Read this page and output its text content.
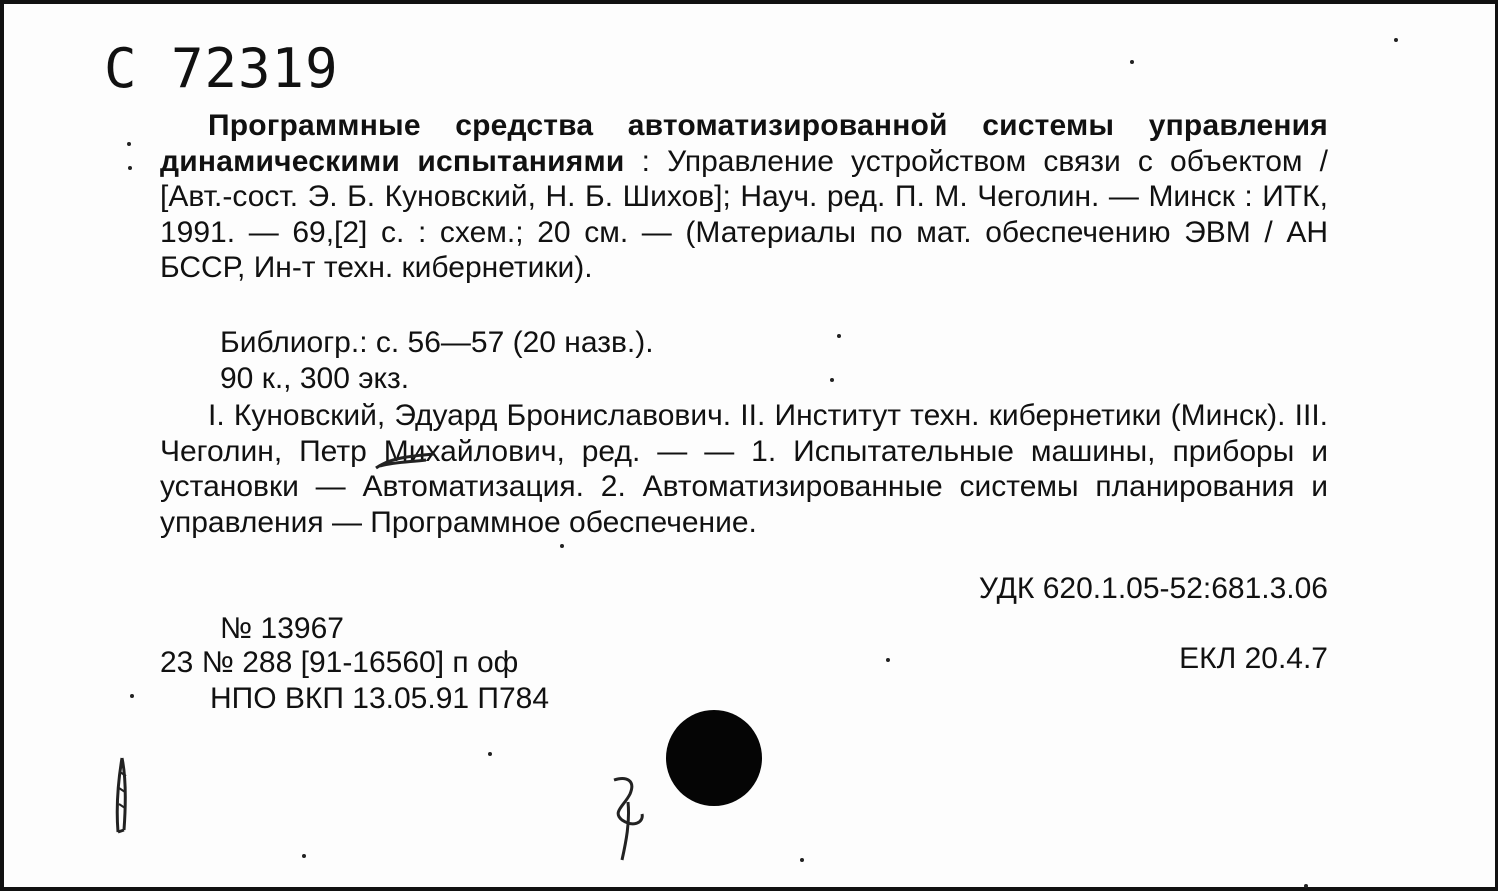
С 72319

Программные средства автоматизированной системы управления динамическими испытаниями : Управление устройством связи с объектом / [Авт.-сост. Э. Б. Куновский, Н. Б. Шихов]; Науч. ред. П. М. Чеголин. — Минск : ИТК, 1991. — 69,[2] с. : схем.; 20 см. — (Материалы по мат. обеспечению ЭВМ / АН БССР, Ин-т техн. кибернетики).

Библиогр.: с. 56—57 (20 назв.).

90 к., 300 экз.

I. Куновский, Эдуард Брониславович. II. Институт техн. кибернетики (Минск). III. Чеголин, Петр Михайлович, ред. — — 1. Испытательные машины, приборы и установки — Автоматизация. 2. Автоматизированные системы планирования и управления — Программное обеспечение.

УДК 620.1.05-52:681.3.06

№ 13967

23 № 288 [91-16560] п оф	ЕКЛ 20.4.7

НПО ВКП 13.05.91 П784
